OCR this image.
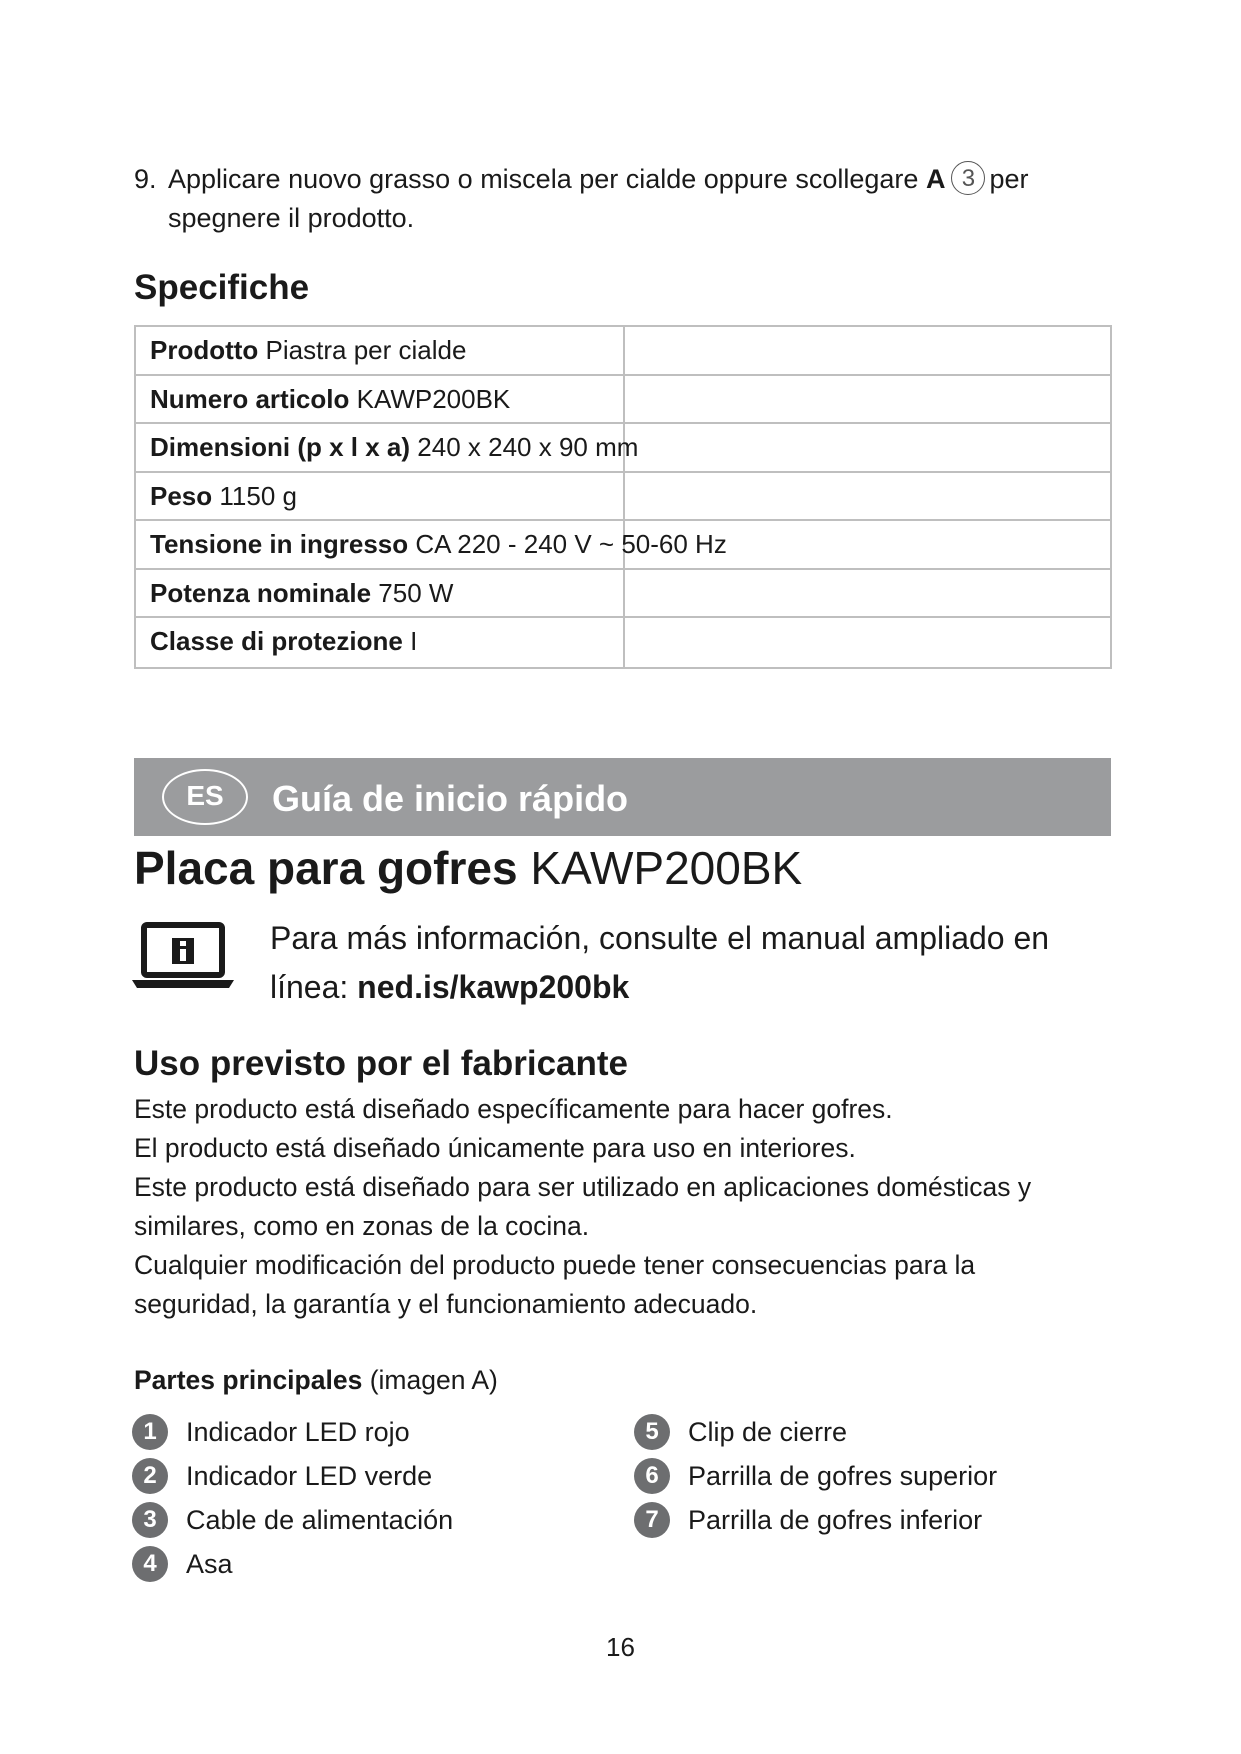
9. Applicare nuovo grasso o miscela per cialde oppure scollegare A 3 per spegnere il prodotto.
Specifiche
Prodotto Piastra per cialde
Numero articolo KAWP200BK
Dimensioni (p x l x a) 240 x 240 x 90 mm
Peso 1150 g
Tensione in ingresso CA 220 - 240 V ~ 50-60 Hz
Potenza nominale 750 W
Classe di protezione I
ES	Guía de inicio rápido
Placa para gofres KAWP200BK
Para más información, consulte el manual ampliado en línea: ned.is/kawp200bk
Uso previsto por el fabricante

Este producto está diseñado específicamente para hacer gofres.

El producto está diseñado únicamente para uso en interiores.

Este producto está diseñado para ser utilizado en aplicaciones domésticas y similares, como en zonas de la cocina.

Cualquier modificación del producto puede tener consecuencias para la seguridad, la garantía y el funcionamiento adecuado.

Partes principales (imagen A)
1	Indicador LED rojo
2	Indicador LED verde
3	Cable de alimentación
4	Asa
5	Clip de cierre
6	Parrilla de gofres superior
7	Parrilla de gofres inferior
16
